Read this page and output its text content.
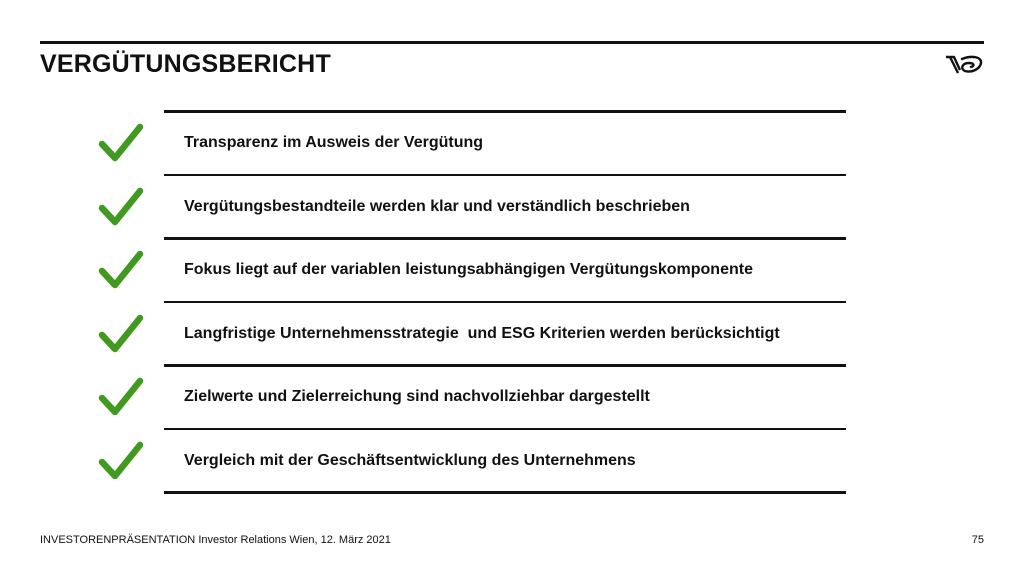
VERGÜTUNGSBERICHT
Transparenz im Ausweis der Vergütung
Vergütungsbestandteile werden klar und verständlich beschrieben
Fokus liegt auf der variablen leistungsabhängigen Vergütungskomponente
Langfristige Unternehmensstrategie  und ESG Kriterien werden berücksichtigt
Zielwerte und Zielerreichung sind nachvollziehbar dargestellt
Vergleich mit der Geschäftsentwicklung des Unternehmens
INVESTORENPRÄSENTATION Investor Relations Wien, 12. März 2021	75
